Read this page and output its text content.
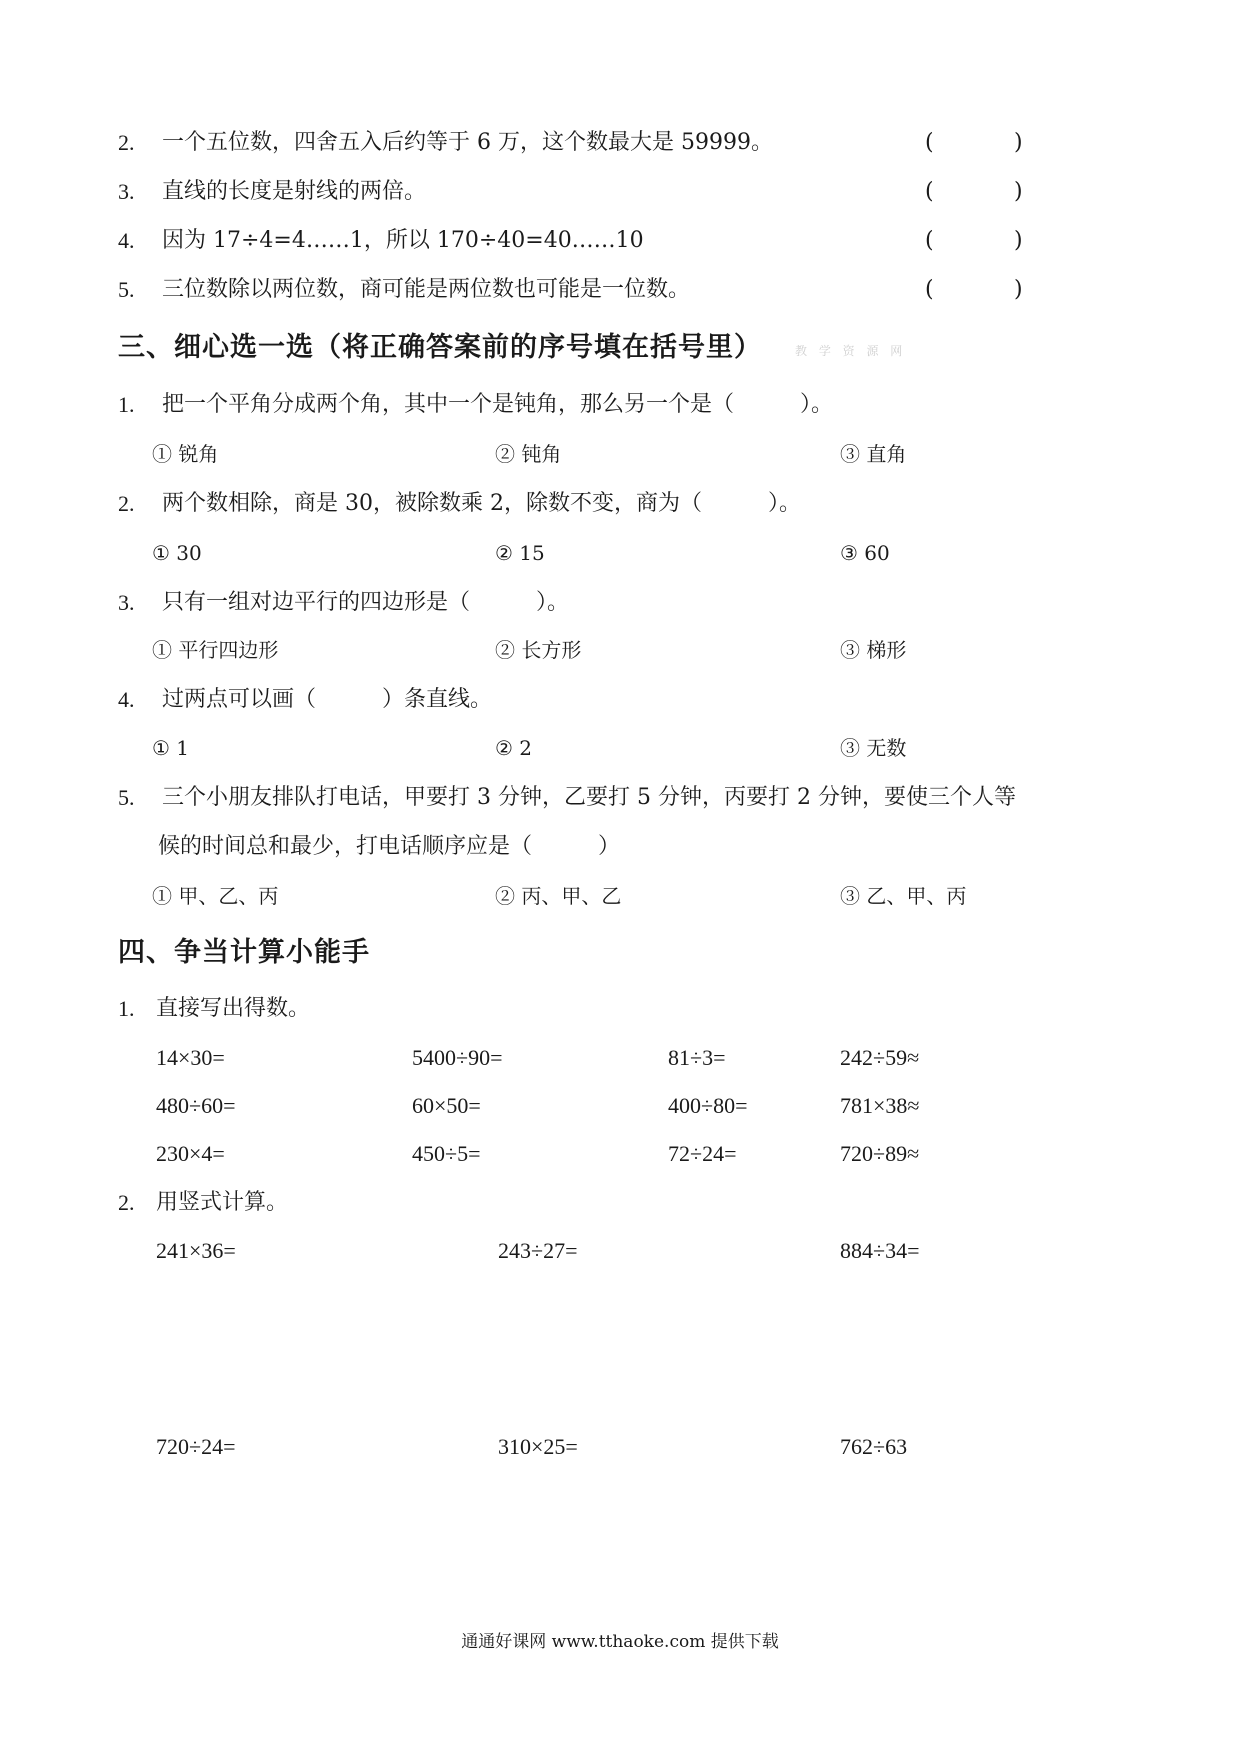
2. 一个五位数，四舍五入后约等于 6 万，这个数最大是 59999。	(	)
3. 直线的长度是射线的两倍。	(	)
4. 因为 17÷4=4……1，所以 170÷40=40……10	(	)
5. 三位数除以两位数，商可能是两位数也可能是一位数。	(	)
三、细心选一选（将正确答案前的序号填在括号里）	教 学 资 源 网
1. 把一个平角分成两个角，其中一个是钝角，那么另一个是（　　　）。
① 锐角	② 钝角	③ 直角
2. 两个数相除，商是 30，被除数乘 2，除数不变，商为（　　　）。
① 30	② 15	③ 60
3. 只有一组对边平行的四边形是（　　　）。
① 平行四边形	② 长方形	③ 梯形
4. 过两点可以画（　　　）条直线。
① 1	② 2	③ 无数
5. 三个小朋友排队打电话，甲要打 3 分钟，乙要打 5 分钟，丙要打 2 分钟，要使三个人等
候的时间总和最少，打电话顺序应是（　　　）
① 甲、乙、丙	② 丙、甲、乙	③ 乙、甲、丙
四、争当计算小能手
1. 直接写出得数。
14×30=	5400÷90=	81÷3=	242÷59≈
480÷60=	60×50=	400÷80=	781×38≈
230×4=	450÷5=	72÷24=	720÷89≈
2. 用竖式计算。
241×36=	243÷27=	884÷34=
720÷24=	310×25=	762÷63
通通好课网 www.tthaoke.com 提供下载
